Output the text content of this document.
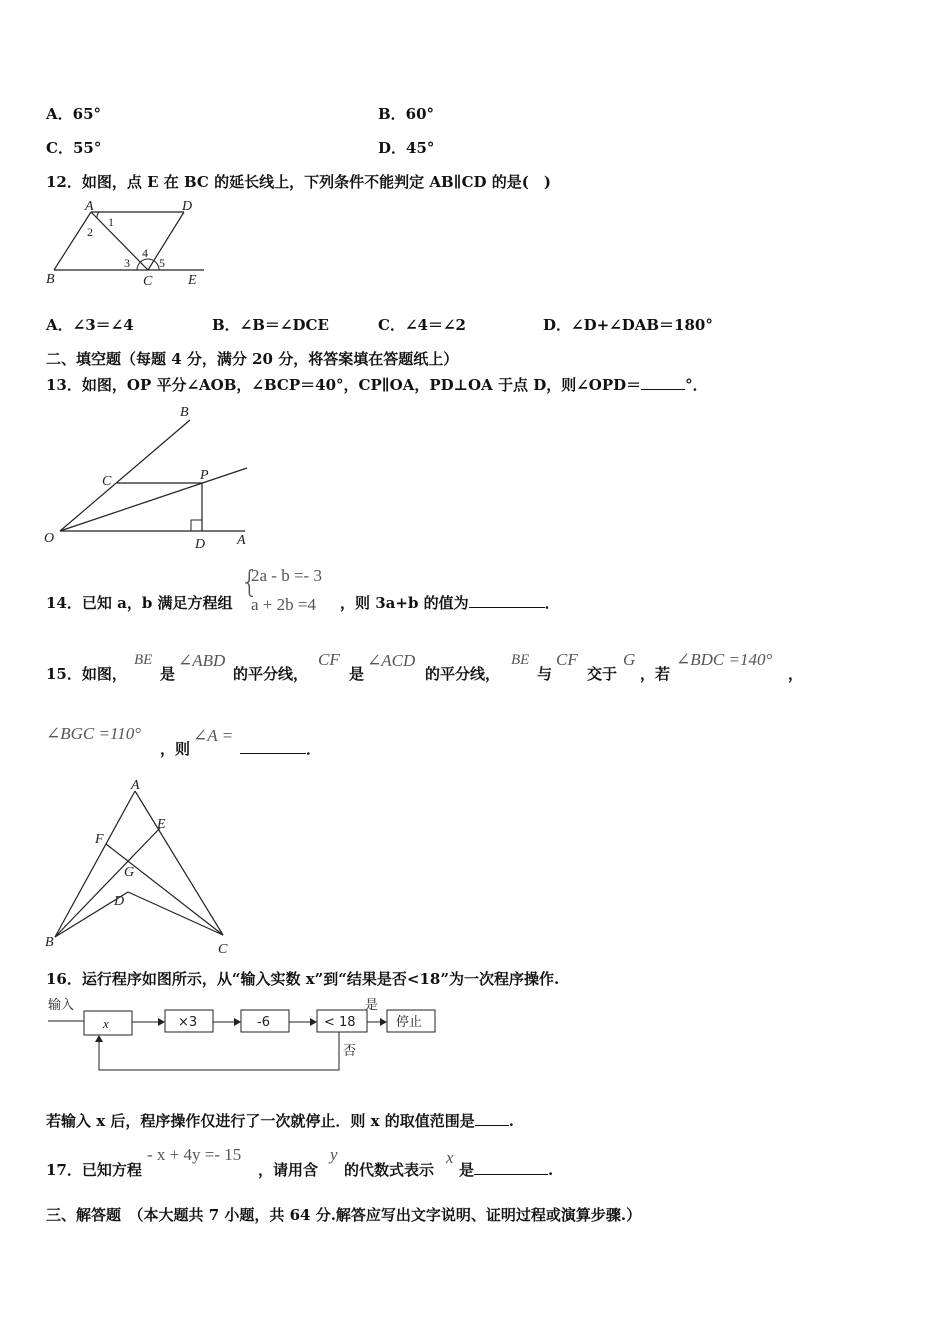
A．65°	B．60°
C．55°	D．45°
12．如图，点 E 在 BC 的延长线上，下列条件不能判定 AB∥CD 的是(　)
A	D
B	C	E
1
2
3
4
5
A．∠3＝∠4	B．∠B＝∠DCE	C．∠4＝∠2	D．∠D+∠DAB＝180°
二、填空题（每题 4 分，满分 20 分，将答案填在答题纸上）
13．如图，OP 平分∠AOB，∠BCP＝40°，CP∥OA，PD⊥OA 于点 D，则∠OPD＝	°．
B
C	P
O	D A
14．已知 a，b 满足方程组
{
2a - b =- 3
a + 2b =4 ，则 3a+b 的值为	．
15．如图，
BE
是
∠ABD
的平分线，
CF
是
∠ACD
的平分线，
BE
与
CF
交于
G
，若
∠BDC =140°
，
∠BGC =110°
，则
∠A =
．
A
E
F
G
D
B	C
16．运行程序如图所示，从“输入实数 x”到“结果是否<18”为一次程序操作.
输入
x	×3	-6	< 18
是
停止
否
若输入 x 后，程序操作仅进行了一次就停止．则 x 的取值范围是 .
17．已知方程
- x + 4y =- 15
，请用含
y
的代数式表示
x
是	.
三、解答题　（本大题共 7 小题，共 64 分.解答应写出文字说明、证明过程或演算步骤.）
